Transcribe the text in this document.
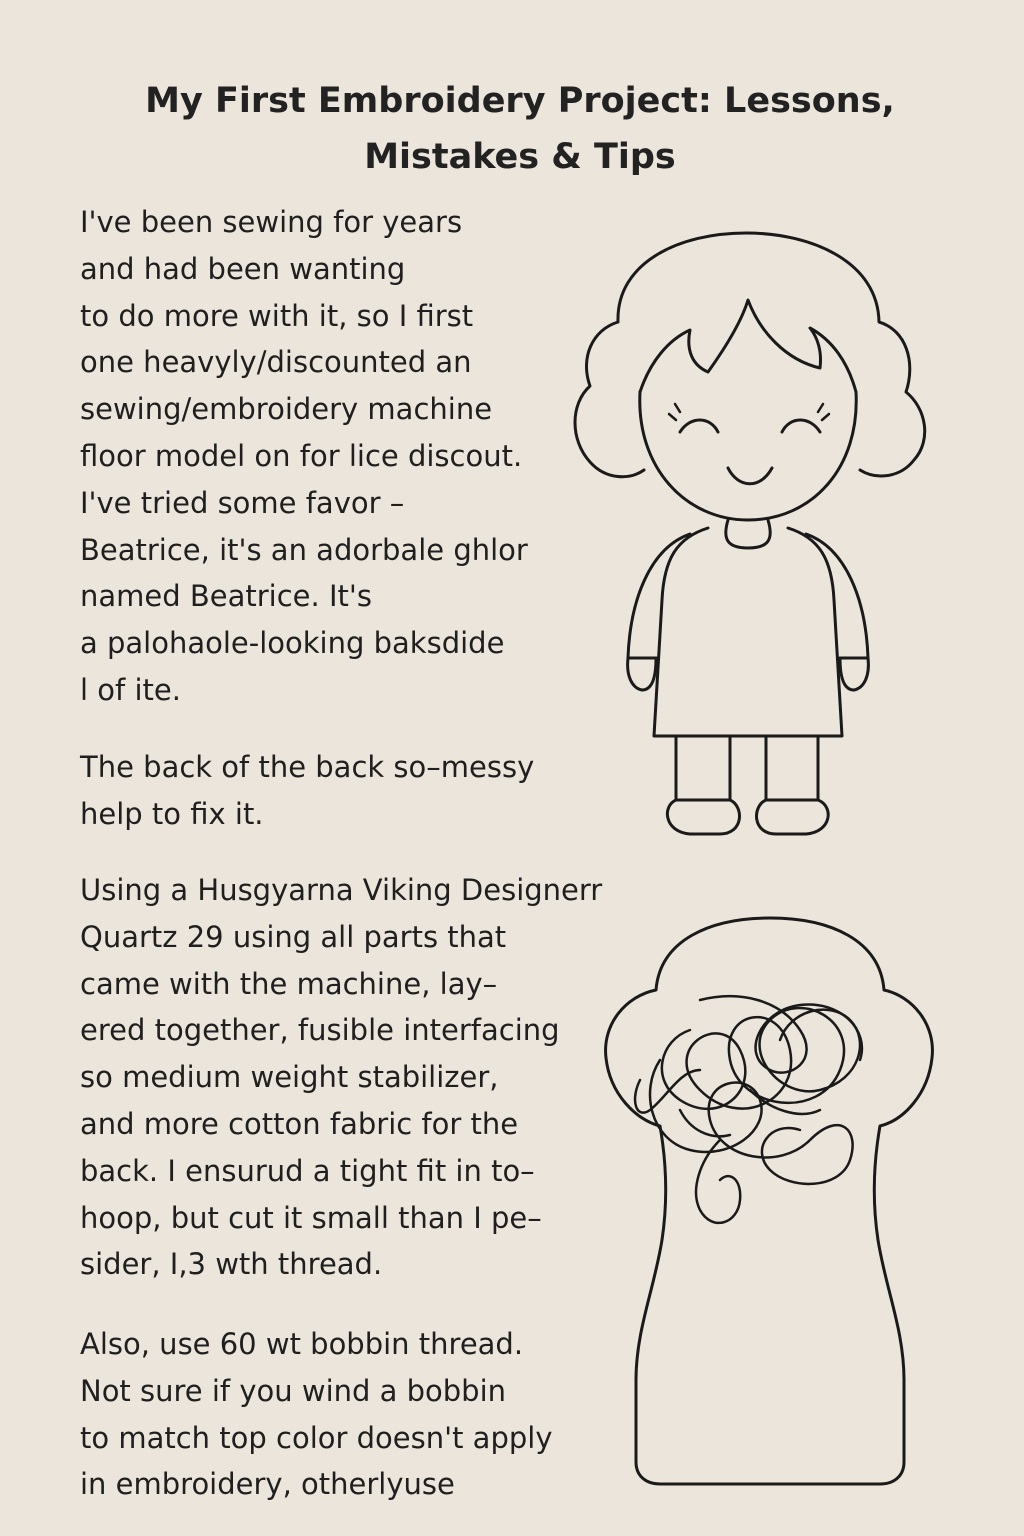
My First Embroidery Project: Lessons,
Mistakes & Tips
I've been sewing for years
and had been wanting
to do more with it, so I first
one heavyly/discounted an
sewing/embroidery machine
floor model on for lice discout.
I've tried some favor –
Beatrice, it's an adorbale ghlor
named Beatrice. It's
a palohaole-looking baksdide
l of ite.
The back of the back so–messy
help to fix it.
Using a Husgyarna Viking Designerr
Quartz 29 using all parts that
came with the machine, lay–
ered together, fusible interfacing
so medium weight stabilizer,
and more cotton fabric for the
back. I ensurud a tight fit in to–
hoop, but cut it small than I pe–
sider, I,3 wth thread.
Also, use 60 wt bobbin thread.
Not sure if you wind a bobbin
to match top color doesn't apply
in embroidery, otherlyuse
